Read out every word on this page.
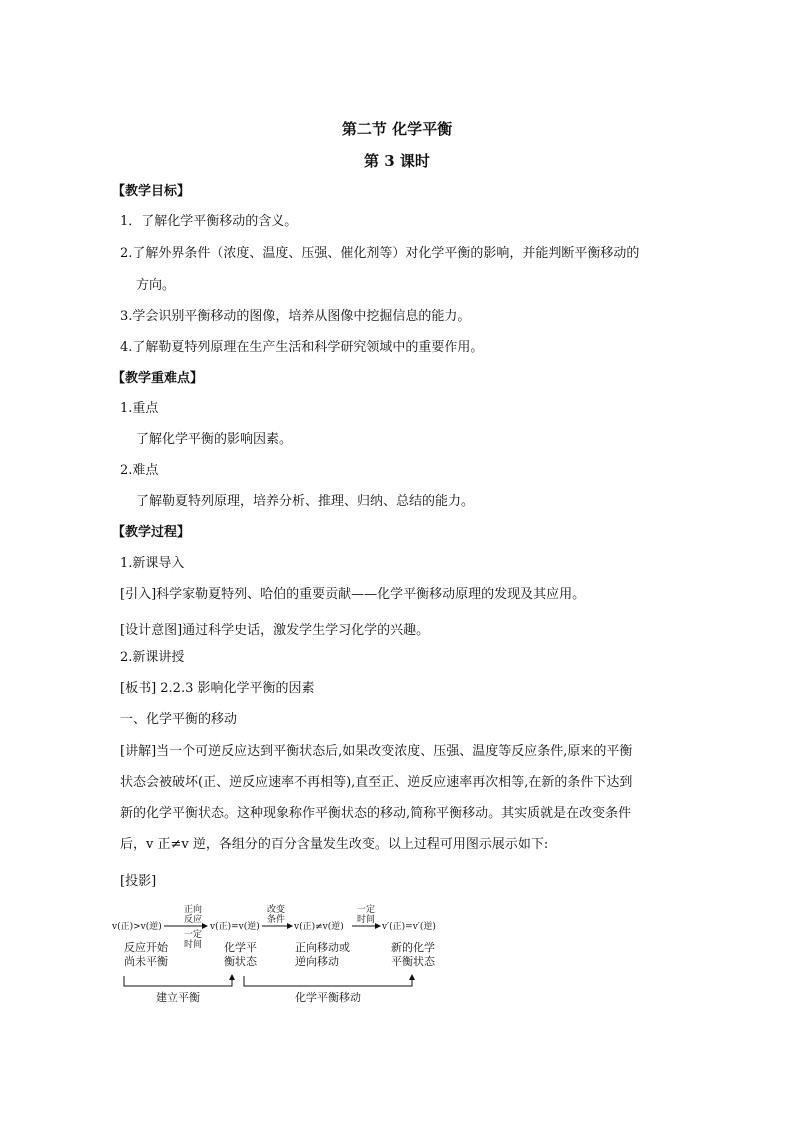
第二节 化学平衡
第 3 课时
【教学目标】
1．了解化学平衡移动的含义。
2.了解外界条件（浓度、温度、压强、催化剂等）对化学平衡的影响，并能判断平衡移动的
方向。
3.学会识别平衡移动的图像，培养从图像中挖掘信息的能力。
4.了解勒夏特列原理在生产生活和科学研究领域中的重要作用。
【教学重难点】
1.重点
了解化学平衡的影响因素。
2.难点
了解勒夏特列原理，培养分析、推理、归纳、总结的能力。
【教学过程】
1.新课导入
[引入]科学家勒夏特列、哈伯的重要贡献——化学平衡移动原理的发现及其应用。
[设计意图]通过科学史话，激发学生学习化学的兴趣。
2.新课讲授
[板书] 2.2.3 影响化学平衡的因素
一、化学平衡的移动
[讲解]当一个可逆反应达到平衡状态后,如果改变浓度、压强、温度等反应条件,原来的平衡
状态会被破坏(正、逆反应速率不再相等),直至正、逆反应速率再次相等,在新的条件下达到
新的化学平衡状态。这种现象称作平衡状态的移动,简称平衡移动。其实质就是在改变条件
后，v 正≠v 逆，各组分的百分含量发生改变。以上过程可用图示展示如下:
[投影]
v(正)>v(逆)
正向
反应
一定
时间
v(正)=v(逆)
改变
条件
v(正)≠v(逆)
一定
时间
v′(正)=v′(逆)
反应开始
尚未平衡
化学平
衡状态
正向移动或
逆向移动
新的化学
平衡状态
建立平衡	化学平衡移动
